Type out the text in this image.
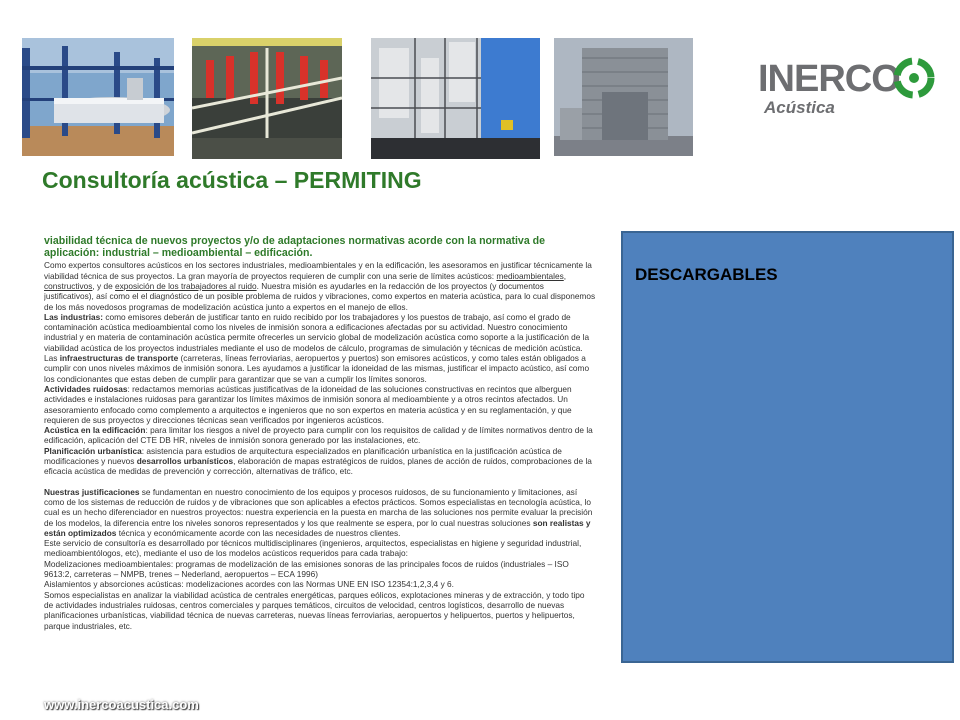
INERCO
Acústica
Consultoría acústica – PERMITING

viabilidad técnica de nuevos proyectos y/o de adaptaciones normativas acorde con la normativa de aplicación: industrial – medioambiental – edificación.

Como expertos consultores acústicos en los sectores industriales, medioambientales y en la edificación, les asesoramos en justificar técnicamente la viabilidad técnica de sus proyectos. La gran mayoría de proyectos requieren de cumplir con una serie de límites acústicos: medioambientales, constructivos, y de exposición de los trabajadores al ruido. Nuestra misión es ayudarles en la redacción de los proyectos (y documentos justificativos), así como el el diagnóstico de un posible problema de ruidos y vibraciones, como expertos en materia acústica, para lo cual disponemos de los más novedosos programas de modelización acústica junto a expertos en el manejo de ellos.

Las industrias: como emisores deberán de justificar tanto en ruido recibido por los trabajadores y los puestos de trabajo, así como el grado de contaminación acústica medioambiental como los niveles de inmisión sonora a edificaciones afectadas por su actividad. Nuestro conocimiento industrial y en materia de contaminación acústica permite ofrecerles un servicio global de modelización acústica como soporte a la justificación de la viabilidad acústica de los proyectos industriales mediante el uso de modelos de cálculo, programas de simulación y técnicas de medición acústica.

Las infraestructuras de transporte (carreteras, líneas ferroviarias, aeropuertos y puertos) son emisores acústicos, y como tales están obligados a cumplir con unos niveles máximos de inmisión sonora. Les ayudamos a justificar la idoneidad de las mismas, justificar el impacto acústico, así como los condicionantes que estas deben de cumplir para garantizar que se van a cumplir los límites sonoros.

Actividades ruidosas: redactamos memorias acústicas justificativas de la idoneidad de las soluciones constructivas en recintos que alberguen actividades e instalaciones ruidosas para garantizar los límites máximos de inmisión sonora al medioambiente y a otros recintos afectados. Un asesoramiento enfocado como complemento a arquitectos e ingenieros que no son expertos en materia acústica y en su reglamentación, y que requieren de sus proyectos y direcciones técnicas sean verificados por ingenieros acústicos.

Acústica en la edificación: para limitar los riesgos a nivel de proyecto para cumplir con los requisitos de calidad y de límites normativos dentro de la edificación, aplicación del CTE DB HR, niveles de inmisión sonora generado por las instalaciones, etc.

Planificación urbanística: asistencia para estudios de arquitectura especializados en planificación urbanística en la justificación acústica de modificaciones y nuevos desarrollos urbanísticos, elaboración de mapas estratégicos de ruidos, planes de acción de ruidos, comprobaciones de la eficacia acústica de medidas de prevención y corrección, alternativas de tráfico, etc.

Nuestras justificaciones se fundamentan en nuestro conocimiento de los equipos y procesos ruidosos, de su funcionamiento y limitaciones, así como de los sistemas de reducción de ruidos y de vibraciones que son aplicables a efectos prácticos. Somos especialistas en tecnología acústica, lo cual es un hecho diferenciador en nuestros proyectos: nuestra experiencia en la puesta en marcha de las soluciones nos permite evaluar la precisión de los modelos, la diferencia entre los niveles sonoros representados y los que realmente se espera, por lo cual nuestras soluciones son realistas y están optimizados técnica y económicamente acorde con las necesidades de nuestros clientes.

Este servicio de consultoría es desarrollado por técnicos multidisciplinares (ingenieros, arquitectos, especialistas en higiene y seguridad industrial, medioambientólogos, etc), mediante el uso de los modelos acústicos requeridos para cada trabajo:

Modelizaciones medioambientales: programas de modelización de las emisiones sonoras de las principales focos de ruidos (industriales – ISO 9613:2, carreteras – NMPB, trenes – Nederland, aeropuertos – ECA 1996)

Aislamientos y absorciones acústicas: modelizaciones acordes con las Normas UNE EN ISO 12354:1,2,3,4 y 6.

Somos especialistas en analizar la viabilidad acústica de centrales energéticas, parques eólicos, explotaciones mineras y de extracción, y todo tipo de actividades industriales ruidosas, centros comerciales y parques temáticos, circuitos de velocidad, centros logísticos, desarrollo de nuevas planificaciones urbanísticas, viabilidad técnica de nuevas carreteras, nuevas líneas ferroviarias, aeropuertos y helipuertos, puertos y helipuertos, parque industriales, etc.

www.inercoacustica.com
DESCARGABLES
